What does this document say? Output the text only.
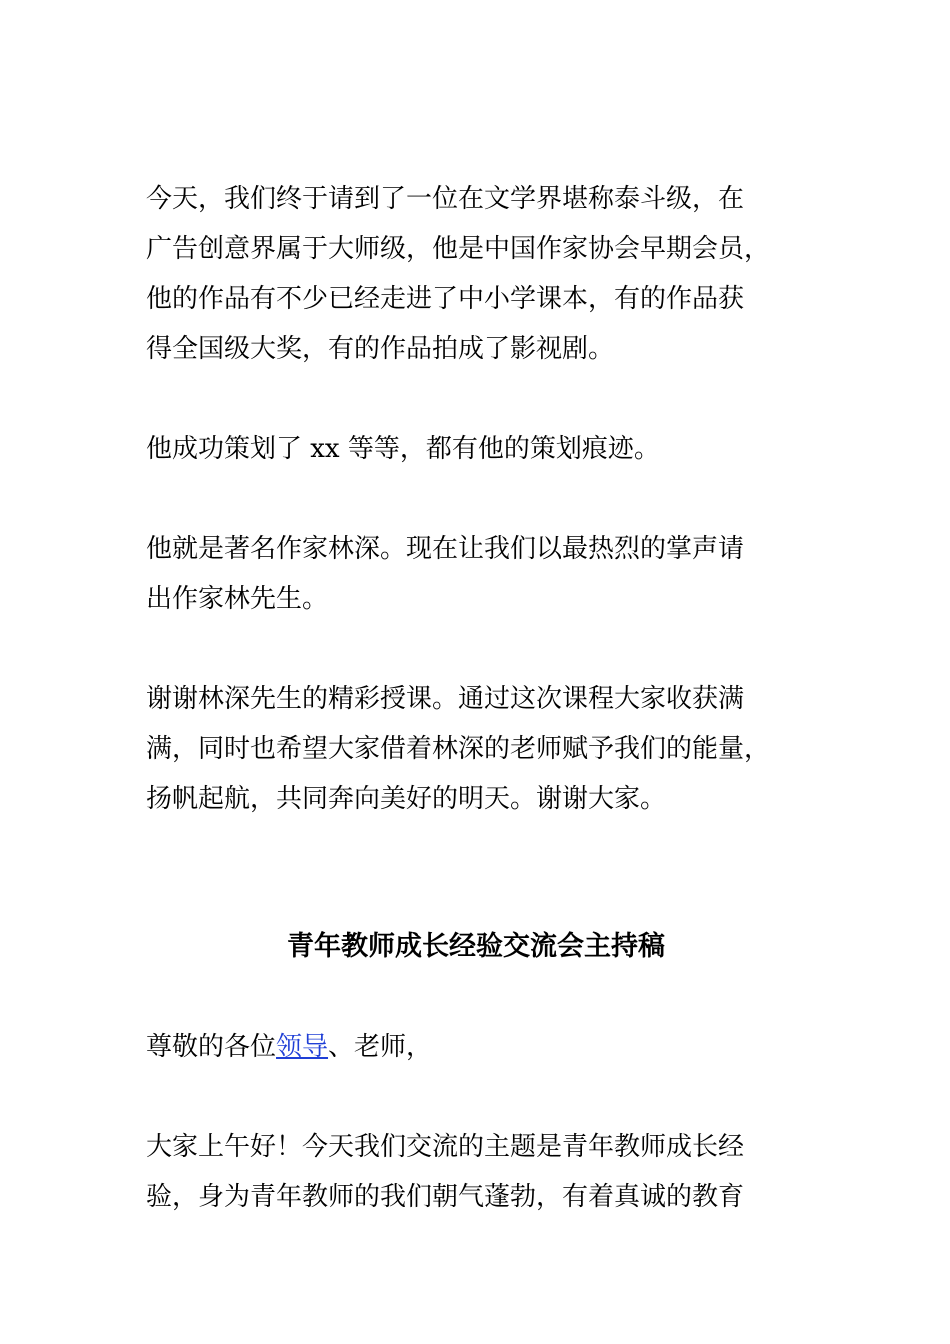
今天，我们终于请到了一位在文学界堪称泰斗级，在
广告创意界属于大师级，他是中国作家协会早期会员，
他的作品有不少已经走进了中小学课本，有的作品获
得全国级大奖，有的作品拍成了影视剧。
他成功策划了 xx 等等，都有他的策划痕迹。
他就是著名作家林深。现在让我们以最热烈的掌声请
出作家林先生。
谢谢林深先生的精彩授课。通过这次课程大家收获满
满，同时也希望大家借着林深的老师赋予我们的能量，
扬帆起航，共同奔向美好的明天。谢谢大家。
青年教师成长经验交流会主持稿
尊敬的各位领导、老师，
大家上午好！今天我们交流的主题是青年教师成长经
验，身为青年教师的我们朝气蓬勃，有着真诚的教育
